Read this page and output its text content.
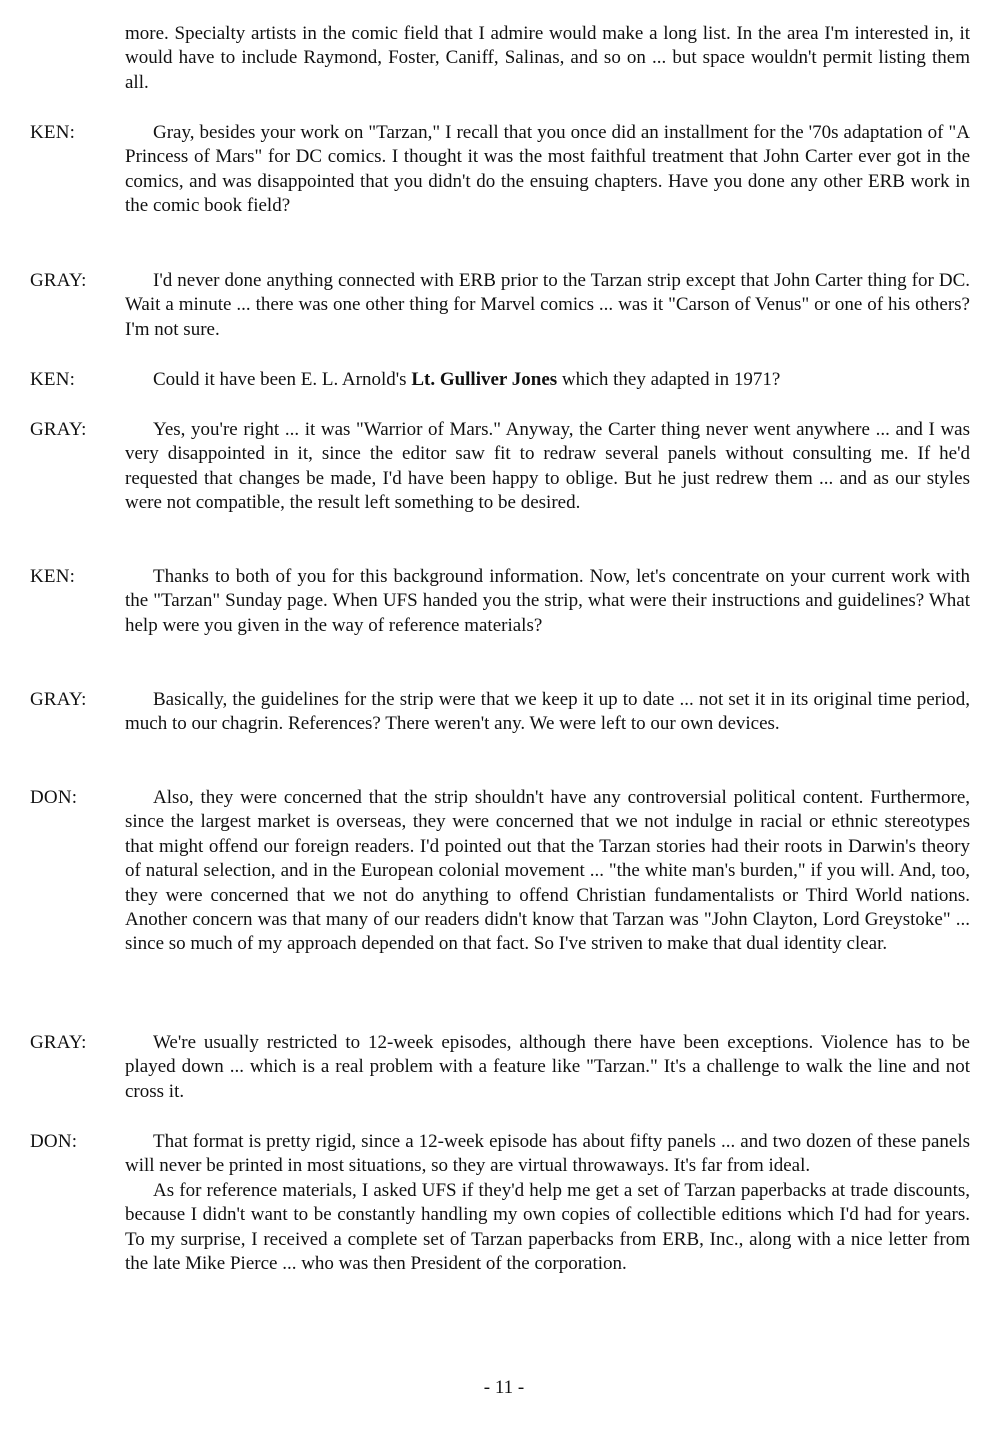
more. Specialty artists in the comic field that I admire would make a long list. In the area I'm interested in, it would have to include Raymond, Foster, Caniff, Salinas, and so on ... but space wouldn't permit listing them all.
KEN:	Gray, besides your work on "Tarzan," I recall that you once did an installment for the '70s adaptation of "A Princess of Mars" for DC comics. I thought it was the most faithful treatment that John Carter ever got in the comics, and was disappointed that you didn't do the ensuing chapters. Have you done any other ERB work in the comic book field?
GRAY:	I'd never done anything connected with ERB prior to the Tarzan strip except that John Carter thing for DC. Wait a minute ... there was one other thing for Marvel comics ... was it "Carson of Venus" or one of his others? I'm not sure.
KEN:	Could it have been E. L. Arnold's Lt. Gulliver Jones which they adapted in 1971?
GRAY:	Yes, you're right ... it was "Warrior of Mars." Anyway, the Carter thing never went anywhere ... and I was very disappointed in it, since the editor saw fit to redraw several panels without consulting me. If he'd requested that changes be made, I'd have been happy to oblige. But he just redrew them ... and as our styles were not compatible, the result left something to be desired.
KEN:	Thanks to both of you for this background information. Now, let's concentrate on your current work with the "Tarzan" Sunday page. When UFS handed you the strip, what were their instructions and guidelines? What help were you given in the way of reference materials?
GRAY:	Basically, the guidelines for the strip were that we keep it up to date ... not set it in its original time period, much to our chagrin. References? There weren't any. We were left to our own devices.
DON:	Also, they were concerned that the strip shouldn't have any controversial political content. Furthermore, since the largest market is overseas, they were concerned that we not indulge in racial or ethnic stereotypes that might offend our foreign readers. I'd pointed out that the Tarzan stories had their roots in Darwin's theory of natural selection, and in the European colonial movement ... "the white man's burden," if you will. And, too, they were concerned that we not do anything to offend Christian fundamentalists or Third World nations. Another concern was that many of our readers didn't know that Tarzan was "John Clayton, Lord Greystoke" ... since so much of my approach depended on that fact. So I've striven to make that dual identity clear.
GRAY:	We're usually restricted to 12-week episodes, although there have been exceptions. Violence has to be played down ... which is a real problem with a feature like "Tarzan." It's a challenge to walk the line and not cross it.
DON:	That format is pretty rigid, since a 12-week episode has about fifty panels ... and two dozen of these panels will never be printed in most situations, so they are virtual throwaways. It's far from ideal.

As for reference materials, I asked UFS if they'd help me get a set of Tarzan paperbacks at trade discounts, because I didn't want to be constantly handling my own copies of collectible editions which I'd had for years. To my surprise, I received a complete set of Tarzan paperbacks from ERB, Inc., along with a nice letter from the late Mike Pierce ... who was then President of the corporation.

- 11 -
